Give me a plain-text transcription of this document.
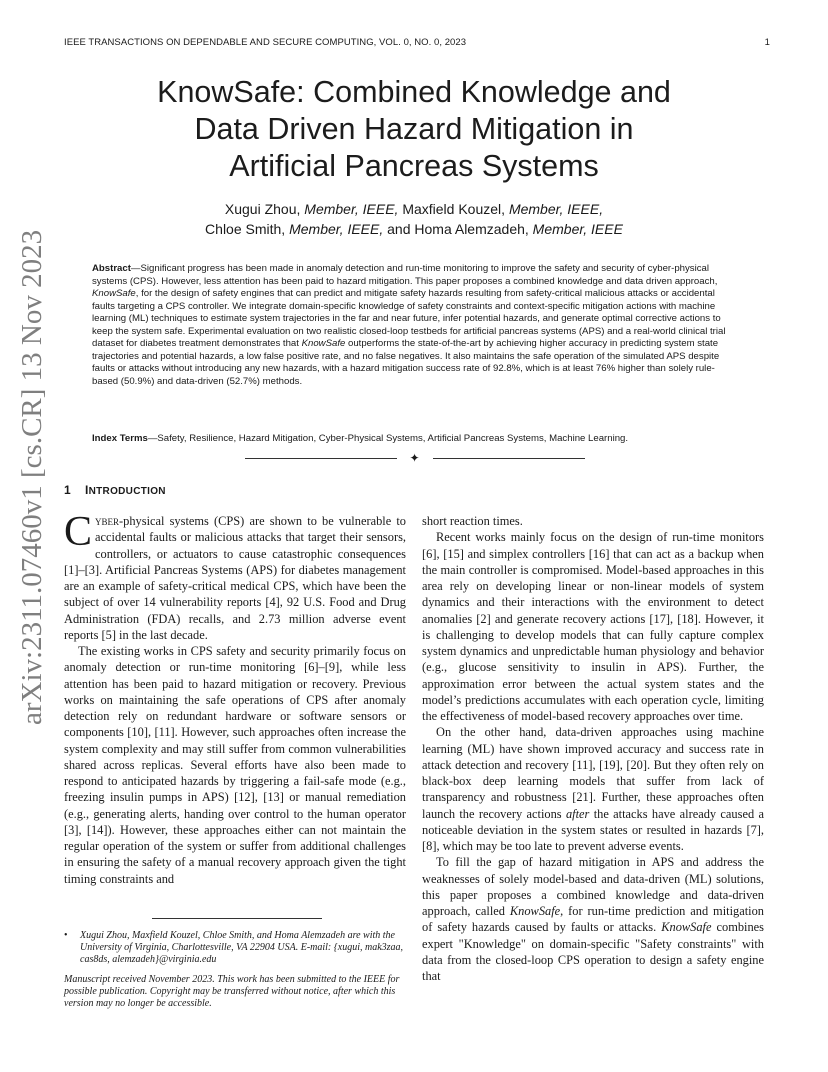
IEEE TRANSACTIONS ON DEPENDABLE AND SECURE COMPUTING, VOL. 0, NO. 0, 2023	1
arXiv:2311.07460v1 [cs.CR] 13 Nov 2023
KnowSafe: Combined Knowledge and
Data Driven Hazard Mitigation in
Artificial Pancreas Systems
Xugui Zhou, Member, IEEE, Maxfield Kouzel, Member, IEEE,
Chloe Smith, Member, IEEE, and Homa Alemzadeh, Member, IEEE
Abstract—Significant progress has been made in anomaly detection and run-time monitoring to improve the safety and security of cyber-physical systems (CPS). However, less attention has been paid to hazard mitigation. This paper proposes a combined knowledge and data driven approach, KnowSafe, for the design of safety engines that can predict and mitigate safety hazards resulting from safety-critical malicious attacks or accidental faults targeting a CPS controller. We integrate domain-specific knowledge of safety constraints and context-specific mitigation actions with machine learning (ML) techniques to estimate system trajectories in the far and near future, infer potential hazards, and generate optimal corrective actions to keep the system safe. Experimental evaluation on two realistic closed-loop testbeds for artificial pancreas systems (APS) and a real-world clinical trial dataset for diabetes treatment demonstrates that KnowSafe outperforms the state-of-the-art by achieving higher accuracy in predicting system state trajectories and potential hazards, a low false positive rate, and no false negatives. It also maintains the safe operation of the simulated APS despite faults or attacks without introducing any new hazards, with a hazard mitigation success rate of 92.8%, which is at least 76% higher than solely rule-based (50.9%) and data-driven (52.7%) methods.
Index Terms—Safety, Resilience, Hazard Mitigation, Cyber-Physical Systems, Artificial Pancreas Systems, Machine Learning.
✦
1 INTRODUCTION

Cyber-physical systems (CPS) are shown to be vulnerable to accidental faults or malicious attacks that target their sensors, controllers, or actuators to cause catastrophic consequences [1]–[3]. Artificial Pancreas Systems (APS) for diabetes management are an example of safety-critical medical CPS, which have been the subject of over 14 vulnerability reports [4], 92 U.S. Food and Drug Administration (FDA) recalls, and 2.73 million adverse event reports [5] in the last decade.

The existing works in CPS safety and security primarily focus on anomaly detection or run-time monitoring [6]–[9], while less attention has been paid to hazard mitigation or recovery. Previous works on maintaining the safe operations of CPS after anomaly detection rely on redundant hardware or software sensors or components [10], [11]. However, such approaches often increase the system complexity and may still suffer from common vulnerabilities shared across replicas. Several efforts have also been made to respond to anticipated hazards by triggering a fail-safe mode (e.g., freezing insulin pumps in APS) [12], [13] or manual remediation (e.g., generating alerts, handing over control to the human operator [3], [14]). However, these approaches either can not maintain the regular operation of the system or suffer from additional challenges in ensuring the safety of a manual recovery approach given the tight timing constraints and

short reaction times.

Recent works mainly focus on the design of run-time monitors [6], [15] and simplex controllers [16] that can act as a backup when the main controller is compromised. Model-based approaches in this area rely on developing linear or non-linear models of system dynamics and their interactions with the environment to detect anomalies [2] and generate recovery actions [17], [18]. However, it is challenging to develop models that can fully capture complex system dynamics and unpredictable human physiology and behavior (e.g., glucose sensitivity to insulin in APS). Further, the approximation error between the actual system states and the model’s predictions accumulates with each operation cycle, limiting the effectiveness of model-based recovery approaches over time.

On the other hand, data-driven approaches using machine learning (ML) have shown improved accuracy and success rate in attack detection and recovery [11], [19], [20]. But they often rely on black-box deep learning models that suffer from lack of transparency and robustness [21]. Further, these approaches often launch the recovery actions after the attacks have already caused a noticeable deviation in the system states or resulted in hazards [7], [8], which may be too late to prevent adverse events.

To fill the gap of hazard mitigation in APS and address the weaknesses of solely model-based and data-driven (ML) solutions, this paper proposes a combined knowledge and data-driven approach, called KnowSafe, for run-time prediction and mitigation of safety hazards caused by faults or attacks. KnowSafe combines expert "Knowledge" on domain-specific "Safety constraints" with data from the closed-loop CPS operation to design a safety engine that

• Xugui Zhou, Maxfield Kouzel, Chloe Smith, and Homa Alemzadeh are with the University of Virginia, Charlottesville, VA 22904 USA. E-mail: {xugui, mak3zaa, cas8ds, alemzadeh}@virginia.edu
Manuscript received November 2023. This work has been submitted to the IEEE for possible publication. Copyright may be transferred without notice, after which this version may no longer be accessible.
